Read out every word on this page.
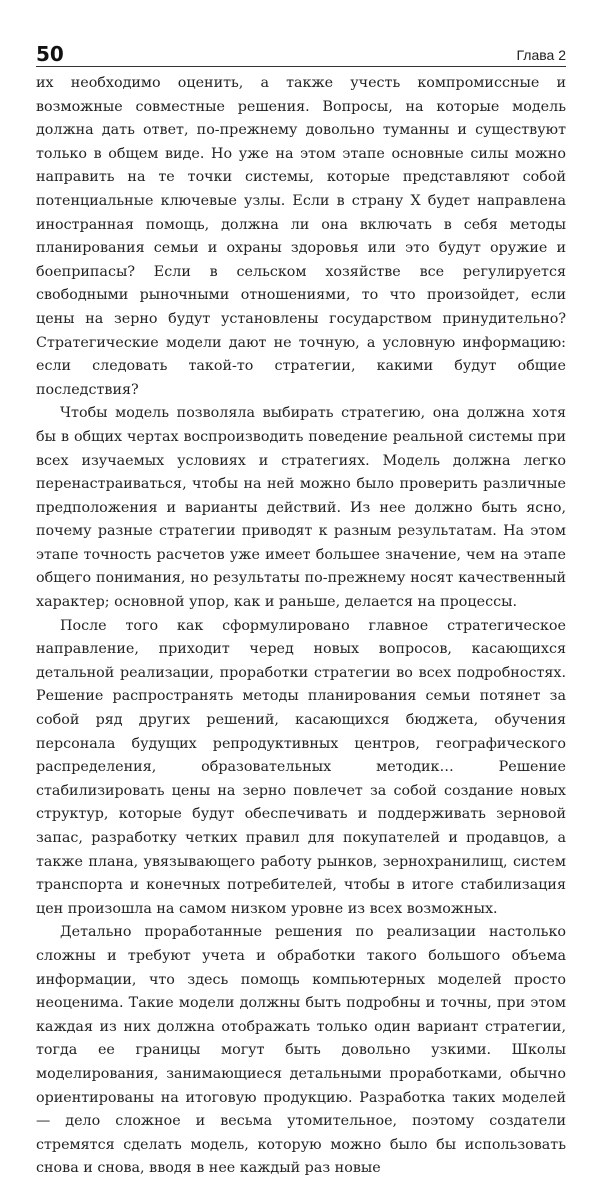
50	Глава 2

их необходимо оценить, а также учесть компромиссные и возможные совместные решения. Вопросы, на которые модель должна дать ответ, по-прежнему довольно туманны и существуют только в общем виде. Но уже на этом этапе основные силы можно направить на те точки системы, которые представляют собой потенциальные ключевые узлы. Если в страну X будет направлена иностранная помощь, должна ли она включать в себя методы планирования семьи и охраны здоровья или это будут оружие и боеприпасы? Если в сельском хозяйстве все регулируется свободными рыночными отношениями, то что произойдет, если цены на зерно будут установлены государством принудительно? Стратегические модели дают не точную, а условную информацию: если следовать такой-то стратегии, какими будут общие последствия?

Чтобы модель позволяла выбирать стратегию, она должна хотя бы в общих чертах воспроизводить поведение реальной системы при всех изучаемых условиях и стратегиях. Модель должна легко перенастраиваться, чтобы на ней можно было проверить различные предположения и варианты действий. Из нее должно быть ясно, почему разные стратегии приводят к разным результатам. На этом этапе точность расчетов уже имеет большее значение, чем на этапе общего понимания, но результаты по-прежнему носят качественный характер; основной упор, как и раньше, делается на процессы.

После того как сформулировано главное стратегическое направление, приходит черед новых вопросов, касающихся детальной реализации, проработки стратегии во всех подробностях. Решение распространять методы планирования семьи потянет за собой ряд других решений, касающихся бюджета, обучения персонала будущих репродуктивных центров, географического распределения, образовательных методик… Решение стабилизировать цены на зерно повлечет за собой создание новых структур, которые будут обеспечивать и поддерживать зерновой запас, разработку четких правил для покупателей и продавцов, а также плана, увязывающего работу рынков, зернохранилищ, систем транспорта и конечных потребителей, чтобы в итоге стабилизация цен произошла на самом низком уровне из всех возможных.

Детально проработанные решения по реализации настолько сложны и требуют учета и обработки такого большого объема информации, что здесь помощь компьютерных моделей просто неоценима. Такие модели должны быть подробны и точны, при этом каждая из них должна отображать только один вариант стратегии, тогда ее границы могут быть довольно узкими. Школы моделирования, занимающиеся детальными проработками, обычно ориентированы на итоговую продукцию. Разработка таких моделей — дело сложное и весьма утомительное, поэтому создатели стремятся сделать модель, которую можно было бы использовать снова и снова, вводя в нее каждый раз новые
